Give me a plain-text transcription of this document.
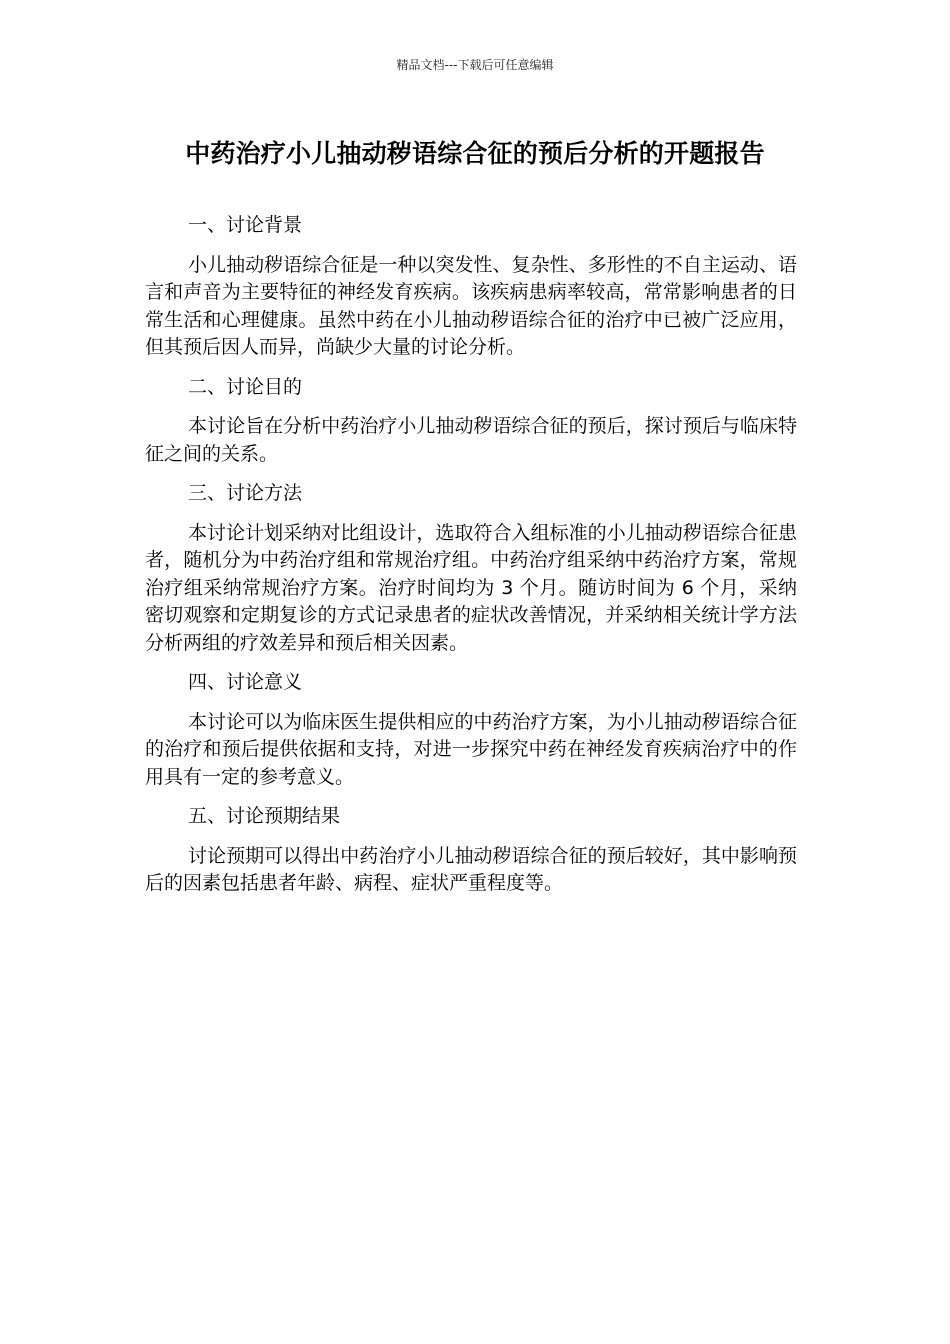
精品文档---下载后可任意编辑
中药治疗小儿抽动秽语综合征的预后分析的开题报告
一、讨论背景
小儿抽动秽语综合征是一种以突发性、复杂性、多形性的不自主运动、语言和声音为主要特征的神经发育疾病。该疾病患病率较高，常常影响患者的日常生活和心理健康。虽然中药在小儿抽动秽语综合征的治疗中已被广泛应用，但其预后因人而异，尚缺少大量的讨论分析。
二、讨论目的
本讨论旨在分析中药治疗小儿抽动秽语综合征的预后，探讨预后与临床特征之间的关系。
三、讨论方法
本讨论计划采纳对比组设计，选取符合入组标准的小儿抽动秽语综合征患者，随机分为中药治疗组和常规治疗组。中药治疗组采纳中药治疗方案，常规治疗组采纳常规治疗方案。治疗时间均为 3 个月。随访时间为 6 个月，采纳密切观察和定期复诊的方式记录患者的症状改善情况，并采纳相关统计学方法分析两组的疗效差异和预后相关因素。
四、讨论意义
本讨论可以为临床医生提供相应的中药治疗方案，为小儿抽动秽语综合征的治疗和预后提供依据和支持，对进一步探究中药在神经发育疾病治疗中的作用具有一定的参考意义。
五、讨论预期结果
讨论预期可以得出中药治疗小儿抽动秽语综合征的预后较好，其中影响预后的因素包括患者年龄、病程、症状严重程度等。
